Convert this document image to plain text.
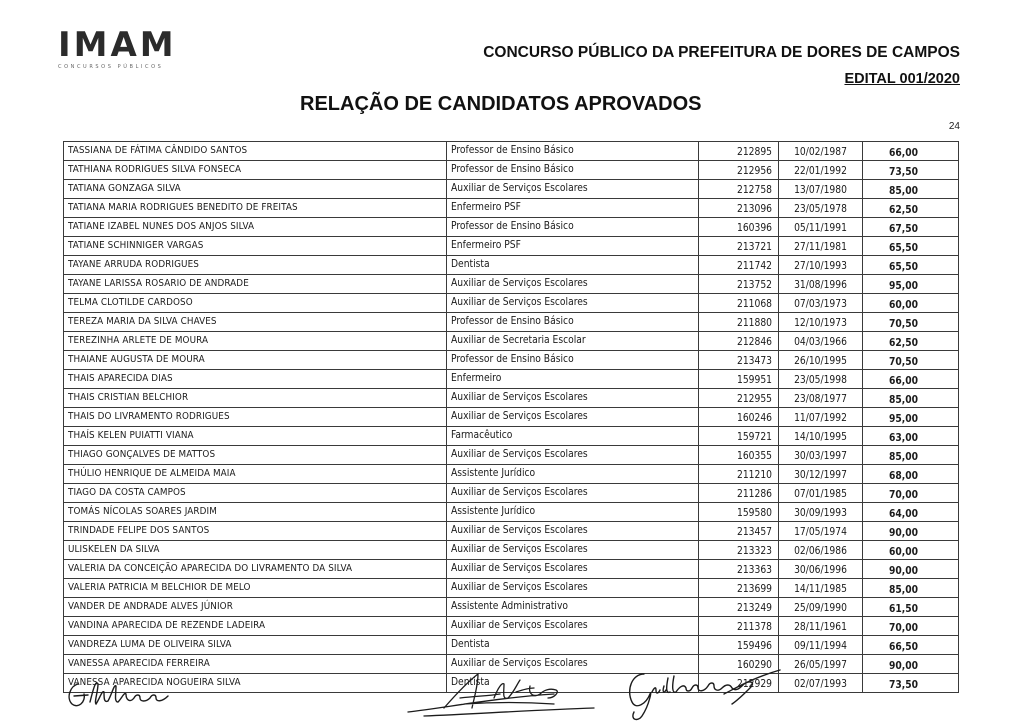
IMAM
CONCURSOS PÚBLICOS
CONCURSO PÚBLICO DA PREFEITURA DE DORES DE CAMPOS
EDITAL 001/2020
RELAÇÃO DE CANDIDATOS APROVADOS
24
TASSIANA DE FÁTIMA CÂNDIDO SANTOS	Professor de Ensino Básico	212895	10/02/1987	66,00
TATHIANA RODRIGUES SILVA FONSECA	Professor de Ensino Básico	212956	22/01/1992	73,50
TATIANA GONZAGA SILVA	Auxiliar de Serviços Escolares	212758	13/07/1980	85,00
TATIANA MARIA RODRIGUES BENEDITO DE FREITAS	Enfermeiro PSF	213096	23/05/1978	62,50
TATIANE IZABEL NUNES DOS ANJOS SILVA	Professor de Ensino Básico	160396	05/11/1991	67,50
TATIANE SCHINNIGER VARGAS	Enfermeiro PSF	213721	27/11/1981	65,50
TAYANE ARRUDA RODRIGUES	Dentista	211742	27/10/1993	65,50
TAYANE LARISSA ROSARIO DE ANDRADE	Auxiliar de Serviços Escolares	213752	31/08/1996	95,00
TELMA CLOTILDE CARDOSO	Auxiliar de Serviços Escolares	211068	07/03/1973	60,00
TEREZA MARIA DA SILVA CHAVES	Professor de Ensino Básico	211880	12/10/1973	70,50
TEREZINHA ARLETE DE MOURA	Auxiliar de Secretaria Escolar	212846	04/03/1966	62,50
THAIANE AUGUSTA DE MOURA	Professor de Ensino Básico	213473	26/10/1995	70,50
THAIS APARECIDA DIAS	Enfermeiro	159951	23/05/1998	66,00
THAIS CRISTIAN BELCHIOR	Auxiliar de Serviços Escolares	212955	23/08/1977	85,00
THAIS DO LIVRAMENTO RODRIGUES	Auxiliar de Serviços Escolares	160246	11/07/1992	95,00
THAÍS KELEN PUIATTI VIANA	Farmacêutico	159721	14/10/1995	63,00
THIAGO GONÇALVES DE MATTOS	Auxiliar de Serviços Escolares	160355	30/03/1997	85,00
THÚLIO HENRIQUE DE ALMEIDA MAIA	Assistente Jurídico	211210	30/12/1997	68,00
TIAGO DA COSTA CAMPOS	Auxiliar de Serviços Escolares	211286	07/01/1985	70,00
TOMÁS NÍCOLAS SOARES JARDIM	Assistente Jurídico	159580	30/09/1993	64,00
TRINDADE FELIPE DOS SANTOS	Auxiliar de Serviços Escolares	213457	17/05/1974	90,00
ULISKELEN DA SILVA	Auxiliar de Serviços Escolares	213323	02/06/1986	60,00
VALERIA DA CONCEIÇÃO APARECIDA DO LIVRAMENTO DA SILVA	Auxiliar de Serviços Escolares	213363	30/06/1996	90,00
VALERIA PATRICIA M BELCHIOR DE MELO	Auxiliar de Serviços Escolares	213699	14/11/1985	85,00
VANDER DE ANDRADE ALVES JÚNIOR	Assistente Administrativo	213249	25/09/1990	61,50
VANDINA APARECIDA DE REZENDE LADEIRA	Auxiliar de Serviços Escolares	211378	28/11/1961	70,00
VANDREZA LUMA DE OLIVEIRA SILVA	Dentista	159496	09/11/1994	66,50
VANESSA APARECIDA FERREIRA	Auxiliar de Serviços Escolares	160290	26/05/1997	90,00
VANESSA APARECIDA NOGUEIRA SILVA	Dentista	212929	02/07/1993	73,50
